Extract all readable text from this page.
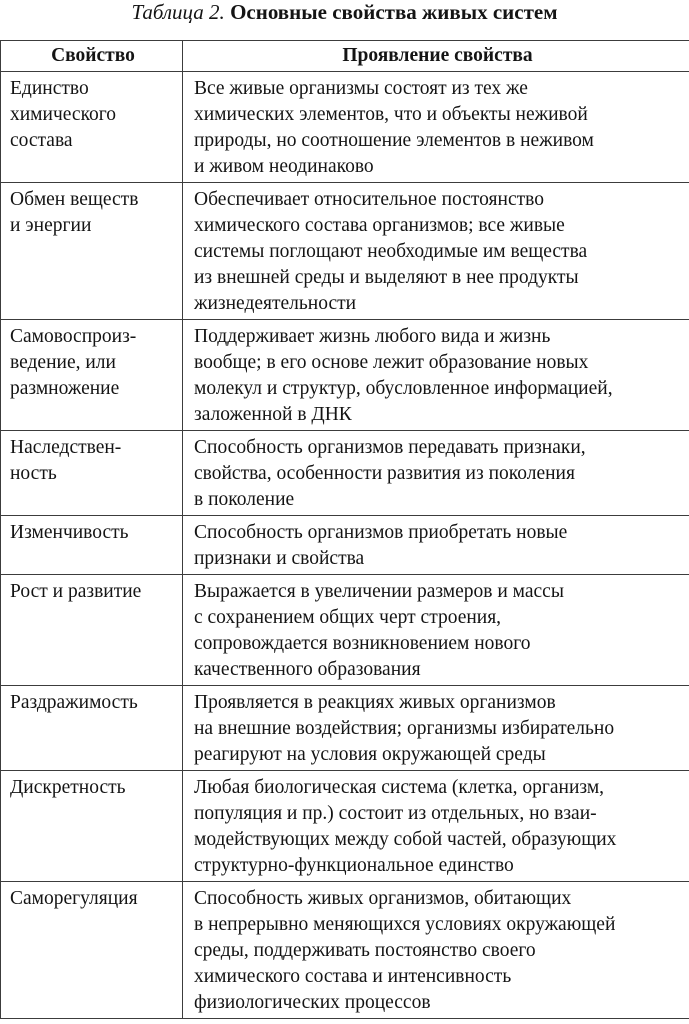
Таблица 2. Основные свойства живых систем
Свойство	Проявление свойства

Единство
химического
состава	Все живые организмы состоят из тех же
химических элементов, что и объекты неживой
природы, но соотношение элементов в неживом
и живом неодинаково

Обмен веществ
и энергии	Обеспечивает относительное постоянство
химического состава организмов; все живые
системы поглощают необходимые им вещества
из внешней среды и выделяют в нее продукты
жизнедеятельности

Самовоспроиз-
ведение, или
размножение	Поддерживает жизнь любого вида и жизнь
вообще; в его основе лежит образование новых
молекул и структур, обусловленное информацией,
заложенной в ДНК

Наследствен-
ность	Способность организмов передавать признаки,
свойства, особенности развития из поколения
в поколение

Изменчивость	Способность организмов приобретать новые
признаки и свойства

Рост и развитие	Выражается в увеличении размеров и массы
с сохранением общих черт строения,
сопровождается возникновением нового
качественного образования

Раздражимость	Проявляется в реакциях живых организмов
на внешние воздействия; организмы избирательно
реагируют на условия окружающей среды

Дискретность	Любая биологическая система (клетка, организм,
популяция и пр.) состоит из отдельных, но взаи-
модействующих между собой частей, образующих
структурно-функциональное единство

Саморегуляция	Способность живых организмов, обитающих
в непрерывно меняющихся условиях окружающей
среды, поддерживать постоянство своего
химического состава и интенсивность
физиологических процессов
